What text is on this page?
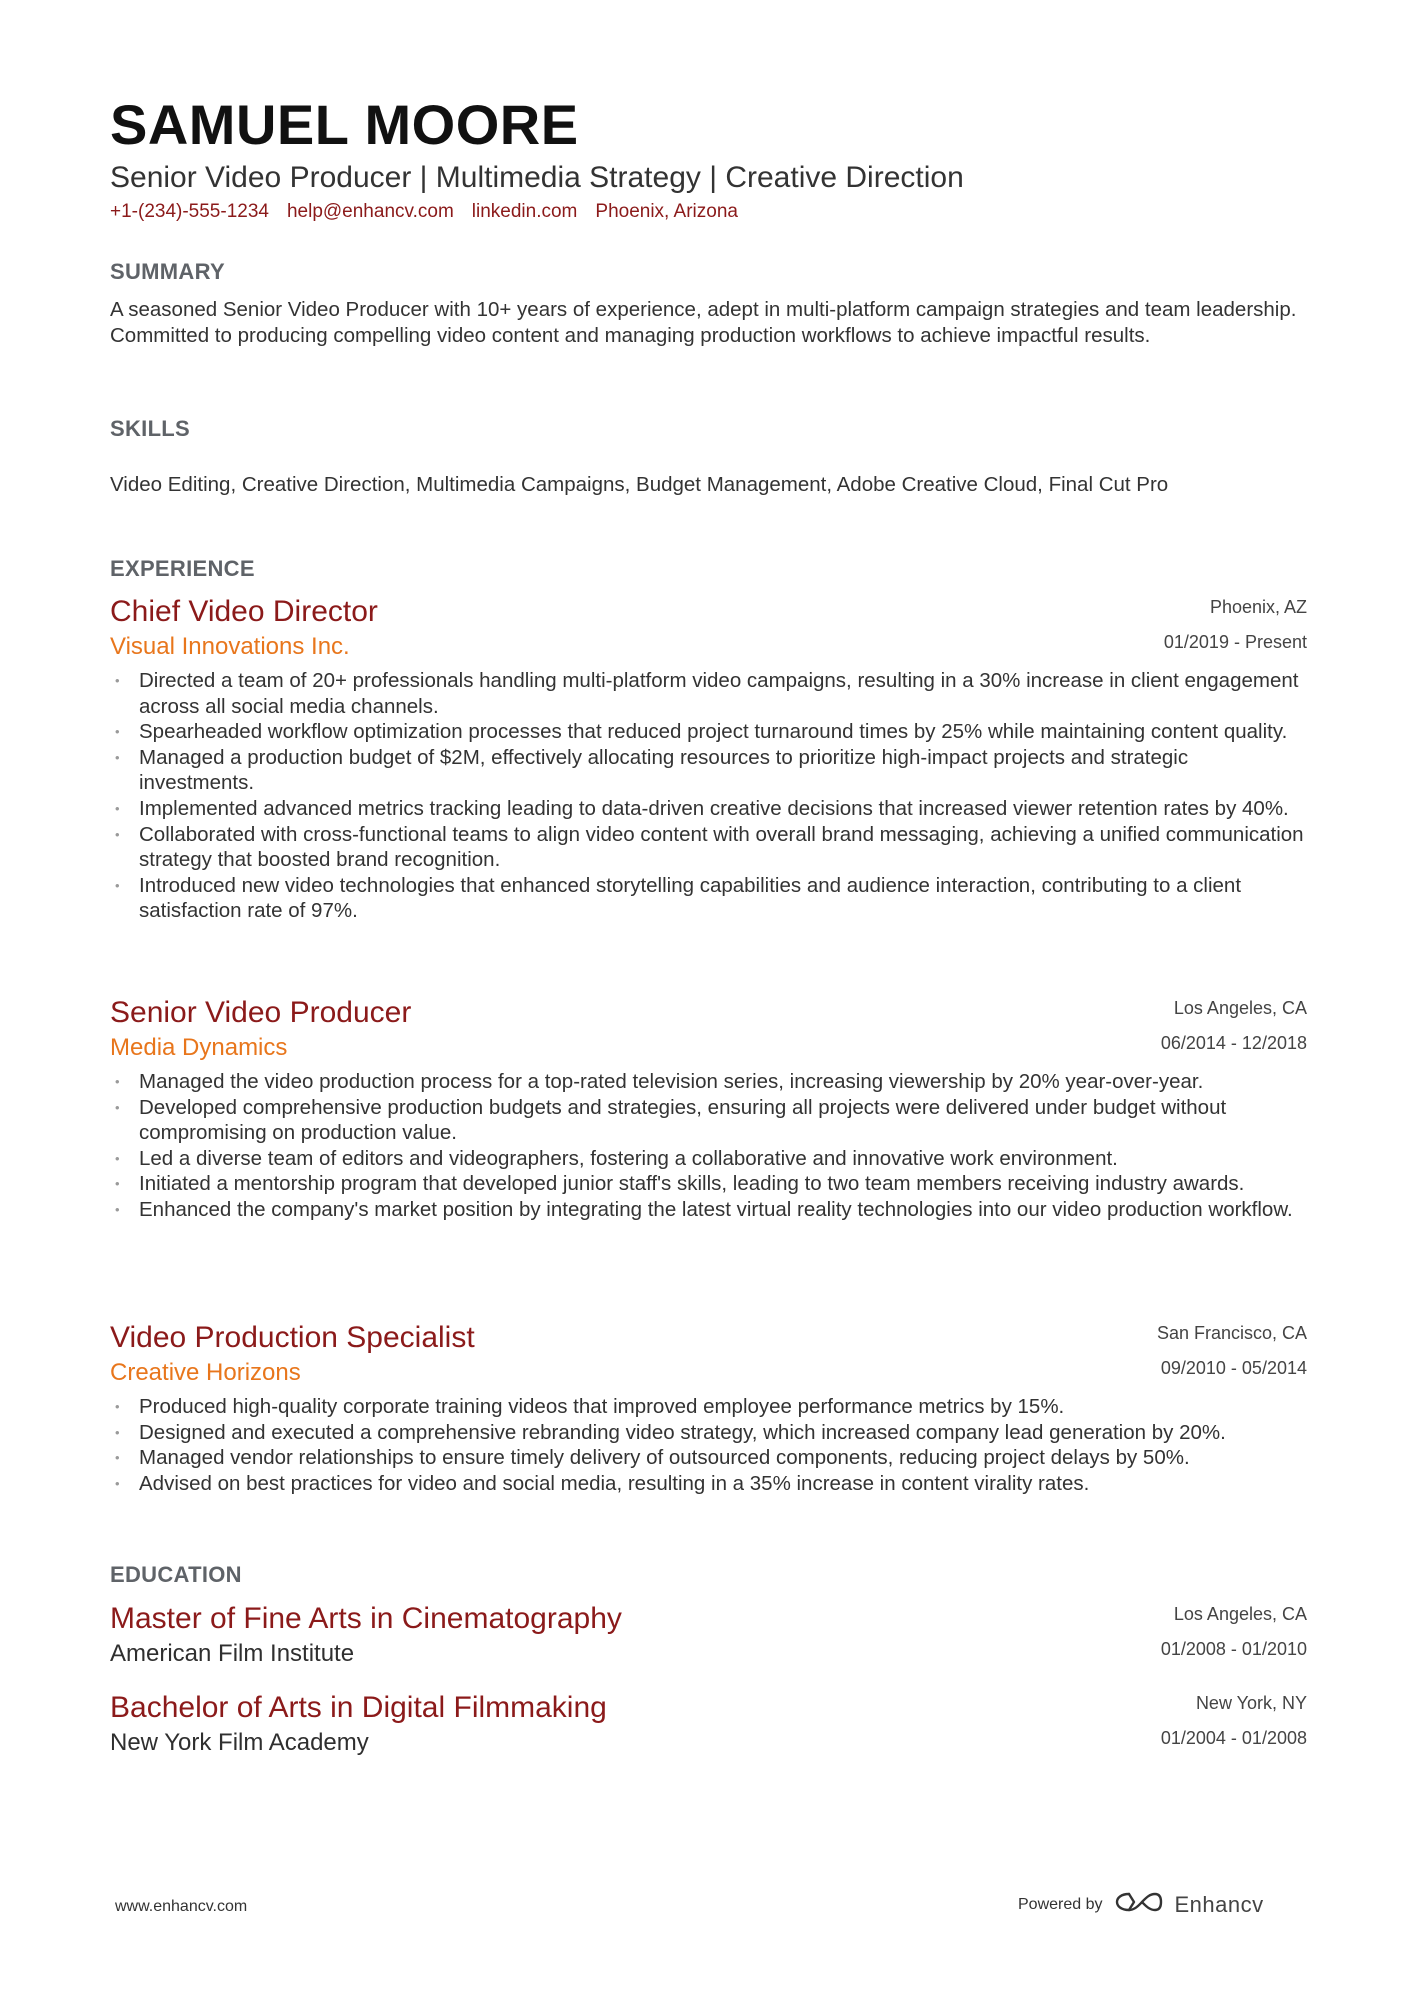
SAMUEL MOORE
Senior Video Producer | Multimedia Strategy | Creative Direction
+1-(234)-555-1234 help@enhancv.com linkedin.com Phoenix, Arizona
SUMMARY
A seasoned Senior Video Producer with 10+ years of experience, adept in multi-platform campaign strategies and team leadership. Committed to producing compelling video content and managing production workflows to achieve impactful results.
SKILLS
Video Editing, Creative Direction, Multimedia Campaigns, Budget Management, Adobe Creative Cloud, Final Cut Pro
EXPERIENCE
Chief Video Director
Visual Innovations Inc.
Phoenix, AZ
01/2019 - Present
• Directed a team of 20+ professionals handling multi-platform video campaigns, resulting in a 30% increase in client engagement across all social media channels.
• Spearheaded workflow optimization processes that reduced project turnaround times by 25% while maintaining content quality.
• Managed a production budget of $2M, effectively allocating resources to prioritize high-impact projects and strategic investments.
• Implemented advanced metrics tracking leading to data-driven creative decisions that increased viewer retention rates by 40%.
• Collaborated with cross-functional teams to align video content with overall brand messaging, achieving a unified communication strategy that boosted brand recognition.
• Introduced new video technologies that enhanced storytelling capabilities and audience interaction, contributing to a client satisfaction rate of 97%.
Senior Video Producer
Media Dynamics
Los Angeles, CA
06/2014 - 12/2018
• Managed the video production process for a top-rated television series, increasing viewership by 20% year-over-year.
• Developed comprehensive production budgets and strategies, ensuring all projects were delivered under budget without compromising on production value.
• Led a diverse team of editors and videographers, fostering a collaborative and innovative work environment.
• Initiated a mentorship program that developed junior staff's skills, leading to two team members receiving industry awards.
• Enhanced the company's market position by integrating the latest virtual reality technologies into our video production workflow.
Video Production Specialist
Creative Horizons
San Francisco, CA
09/2010 - 05/2014
• Produced high-quality corporate training videos that improved employee performance metrics by 15%.
• Designed and executed a comprehensive rebranding video strategy, which increased company lead generation by 20%.
• Managed vendor relationships to ensure timely delivery of outsourced components, reducing project delays by 50%.
• Advised on best practices for video and social media, resulting in a 35% increase in content virality rates.
EDUCATION
Master of Fine Arts in Cinematography
American Film Institute
Los Angeles, CA
01/2008 - 01/2010
Bachelor of Arts in Digital Filmmaking
New York Film Academy
New York, NY
01/2004 - 01/2008
www.enhancv.com	Powered by	Enhancv
